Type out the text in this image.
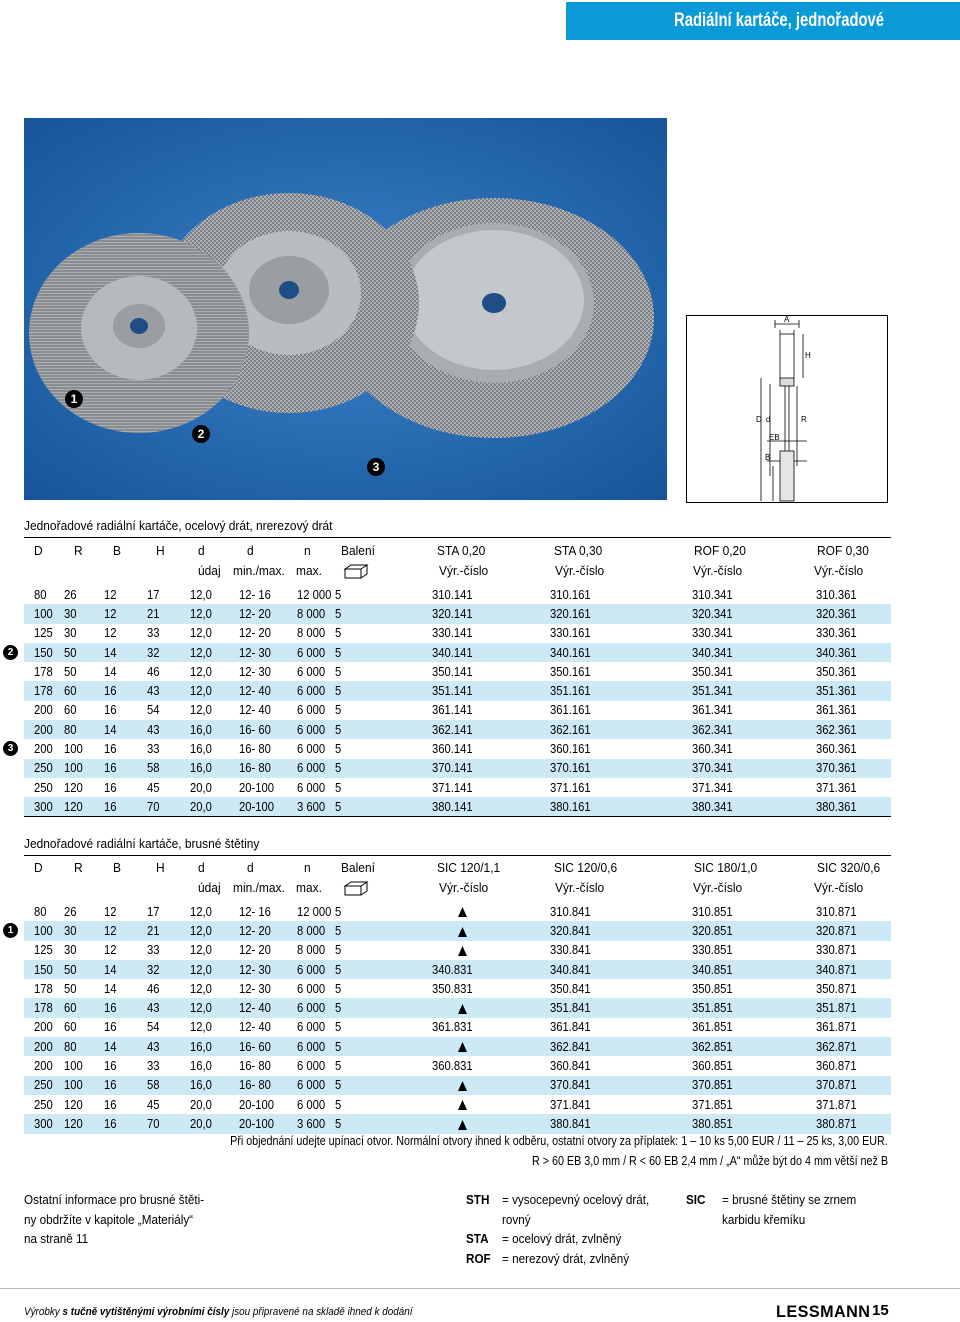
Radiální kartáče, jednořadové
1
2
3
A
H
D d	R
EB
B
Jednořadové radiální kartáče, ocelový drát, nrerezový drát
D R B	H	d	d	n Balení	STA 0,20	STA 0,30	ROF 0,20	ROF 0,30
údaj min./max. max.	Výr.-číslo	Výr.-číslo	Výr.-číslo	Výr.-číslo
80	26	12	17	12,0	12- 16	12 000	5	310.141	310.161	310.341	310.361
100	30	12	21	12,0	12- 20	8 000	5	320.141	320.161	320.341	320.361
125	30	12	33	12,0	12- 20	8 000	5	330.141	330.161	330.341	330.361
150	50	14	32	12,0	12- 30	6 000	5	340.141	340.161	340.341	340.361
178	50	14	46	12,0	12- 30	6 000	5	350.141	350.161	350.341	350.361
178	60	16	43	12,0	12- 40	6 000	5	351.141	351.161	351.341	351.361
200	60	16	54	12,0	12- 40	6 000	5	361.141	361.161	361.341	361.361
200	80	14	43	16,0	16- 60	6 000	5	362.141	362.161	362.341	362.361
200	100	16	33	16,0	16- 80	6 000	5	360.141	360.161	360.341	360.361
250	100	16	58	16,0	16- 80	6 000	5	370.141	370.161	370.341	370.361
250	120	16	45	20,0	20-100	6 000	5	371.141	371.161	371.341	371.361
300	120	16	70	20,0	20-100	3 600	5	380.141	380.161	380.341	380.361
Jednořadové radiální kartáče, brusné štětiny
D R B	H	d	d	n Balení	SIC 120/1,1	SIC 120/0,6	SIC 180/1,0	SIC 320/0,6
údaj min./max. max.	Výr.-číslo	Výr.-číslo	Výr.-číslo	Výr.-číslo
80	26	12	17	12,0	12- 16	12 000	5		310.841	310.851	310.871
100	30	12	21	12,0	12- 20	8 000	5		320.841	320.851	320.871
125	30	12	33	12,0	12- 20	8 000	5		330.841	330.851	330.871
150	50	14	32	12,0	12- 30	6 000	5	340.831	340.841	340.851	340.871
178	50	14	46	12,0	12- 30	6 000	5	350.831	350.841	350.851	350.871
178	60	16	43	12,0	12- 40	6 000	5		351.841	351.851	351.871
200	60	16	54	12,0	12- 40	6 000	5	361.831	361.841	361.851	361.871
200	80	14	43	16,0	16- 60	6 000	5		362.841	362.851	362.871
200	100	16	33	16,0	16- 80	6 000	5	360.831	360.841	360.851	360.871
250	100	16	58	16,0	16- 80	6 000	5		370.841	370.851	370.871
250	120	16	45	20,0	20-100	6 000	5		371.841	371.851	371.871
300	120	16	70	20,0	20-100	3 600	5		380.841	380.851	380.871
Při objednání udejte upínací otvor. Normální otvory ihned k odběru, ostatní otvory za příplatek: 1 – 10 ks 5,00 EUR / 11 – 25 ks, 3,00 EUR.
R > 60 EB 3,0 mm / R < 60 EB 2,4 mm / „A“ může být do 4 mm větší než B
Ostatní informace pro brusné štěti-
ny obdržíte v kapitole „Materiály“
na straně 11
STH = vysocepevný ocelový drát,
rovný
STA = ocelový drát, zvlněný
ROF = nerezový drát, zvlněný
SIC = brusné štětiny se zrnem
karbidu křemíku
Výrobky s tučně vytištěnými výrobními čísly jsou připravené na skladě ihned k dodání	LESSMANN 15
2
3
1
